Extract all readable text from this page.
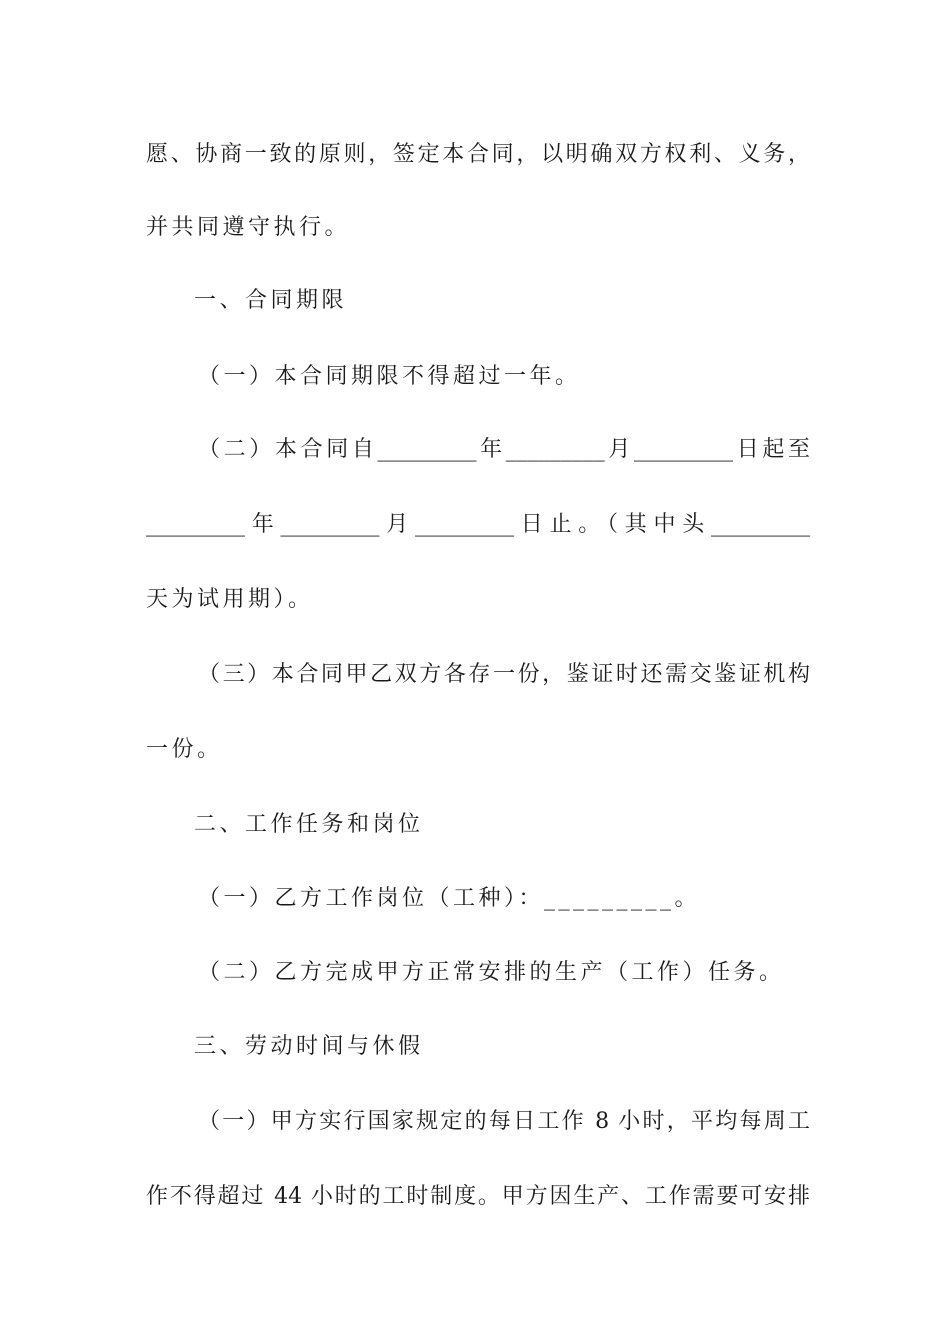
愿、协商一致的原则，签定本合同，以明确双方权利、义务，
并共同遵守执行。
一、合同期限
（一）本合同期限不得超过一年。
（二）本合同自_________年_________月_________日起至
_________年_________月_________日止。（其中头_________
天为试用期）。
（三）本合同甲乙双方各存一份，鉴证时还需交鉴证机构
一份。
二、工作任务和岗位
（一）乙方工作岗位（工种）：_________。
（二）乙方完成甲方正常安排的生产（工作）任务。
三、劳动时间与休假
（一）甲方实行国家规定的每日工作 8 小时，平均每周工
作不得超过 44 小时的工时制度。甲方因生产、工作需要可安排
